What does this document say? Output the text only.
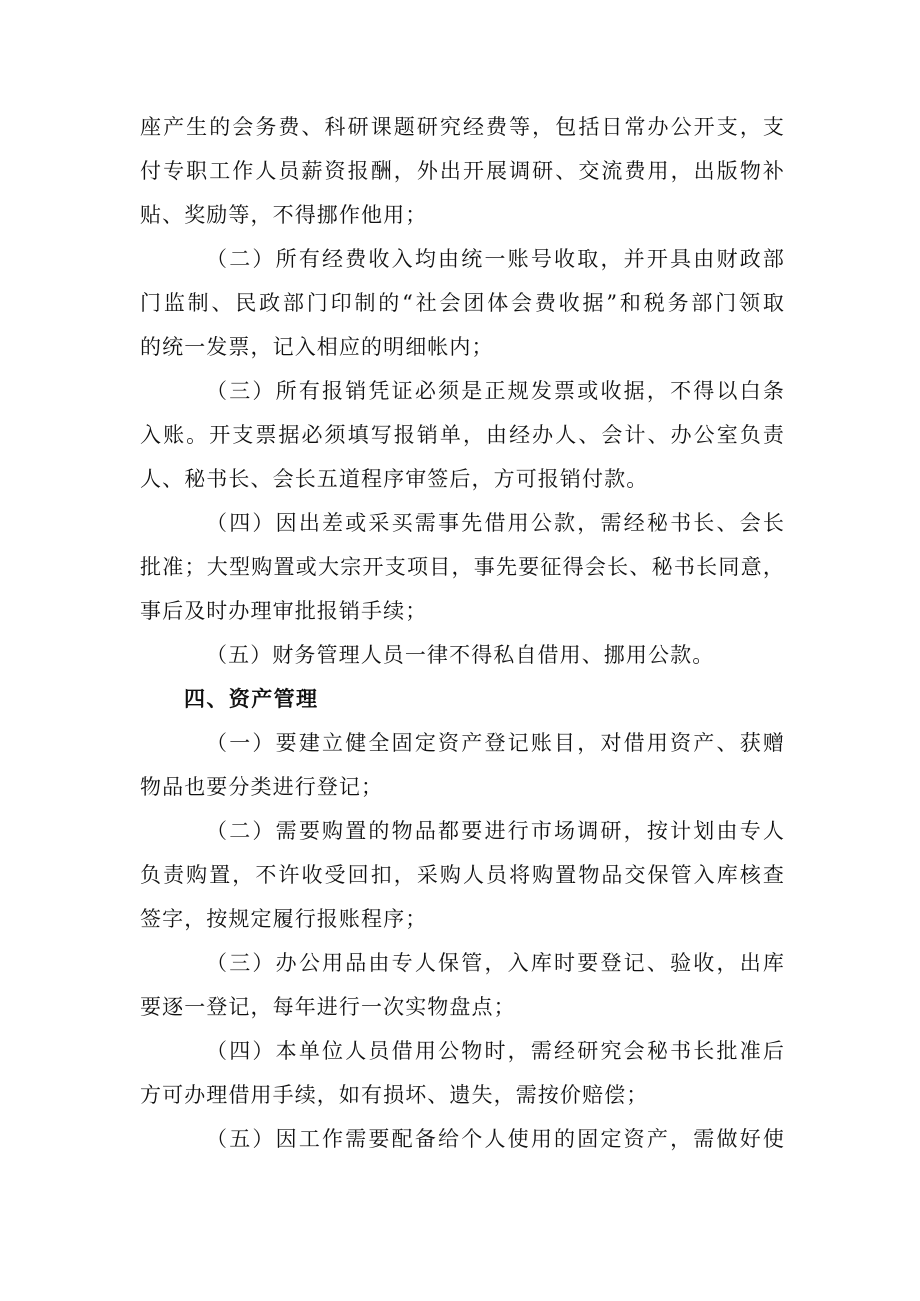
座产生的会务费、科研课题研究经费等，包括日常办公开支，支
付专职工作人员薪资报酬，外出开展调研、交流费用，出版物补
贴、奖励等，不得挪作他用；
（二）所有经费收入均由统一账号收取，并开具由财政部
门监制、民政部门印制的“社会团体会费收据”和税务部门领取
的统一发票，记入相应的明细帐内；
（三）所有报销凭证必须是正规发票或收据，不得以白条
入账。开支票据必须填写报销单，由经办人、会计、办公室负责
人、秘书长、会长五道程序审签后，方可报销付款。
（四）因出差或采买需事先借用公款，需经秘书长、会长
批准；大型购置或大宗开支项目，事先要征得会长、秘书长同意，
事后及时办理审批报销手续；
（五）财务管理人员一律不得私自借用、挪用公款。
四、资产管理
（一）要建立健全固定资产登记账目，对借用资产、获赠
物品也要分类进行登记；
（二）需要购置的物品都要进行市场调研，按计划由专人
负责购置，不许收受回扣，采购人员将购置物品交保管入库核查
签字，按规定履行报账程序；
（三）办公用品由专人保管，入库时要登记、验收，出库
要逐一登记，每年进行一次实物盘点；
（四）本单位人员借用公物时，需经研究会秘书长批准后
方可办理借用手续，如有损坏、遗失，需按价赔偿；
（五）因工作需要配备给个人使用的固定资产，需做好使
